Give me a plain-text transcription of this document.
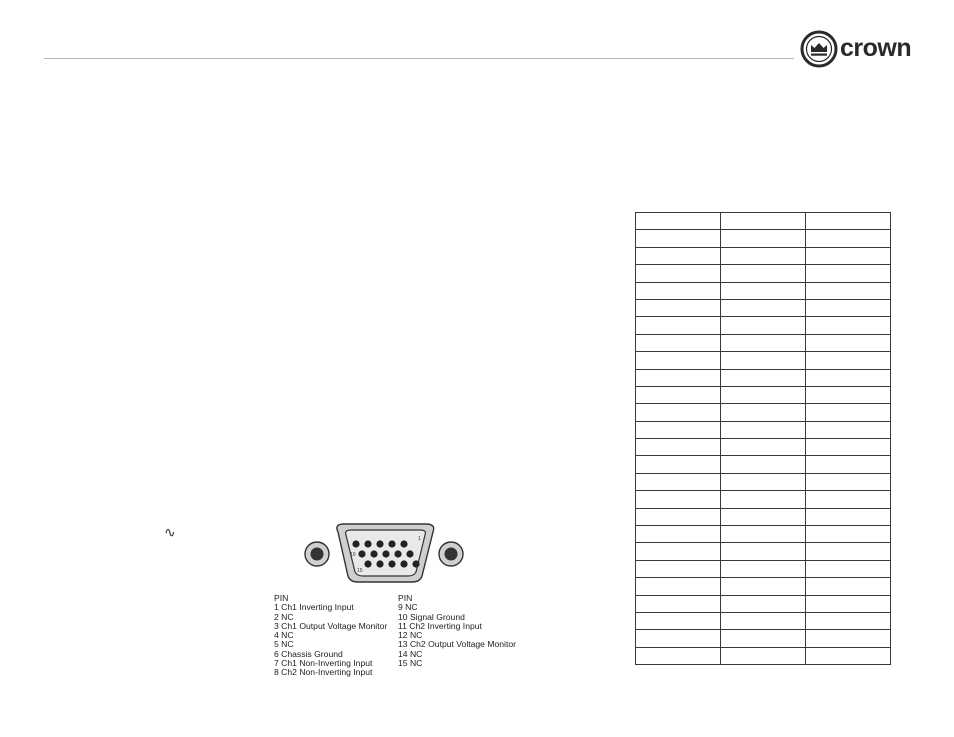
crown
∿	1
10
15
PIN
1 Ch1 Inverting Input
2 NC
3 Ch1 Output Voltage Monitor
4 NC
5 NC
6 Chassis Ground
7 Ch1 Non-Inverting Input
8 Ch2 Non-Inverting Input
PIN
9 NC
10 Signal Ground
11 Ch2 Inverting Input
12 NC
13 Ch2 Output Voltage Monitor
14 NC
15 NC
